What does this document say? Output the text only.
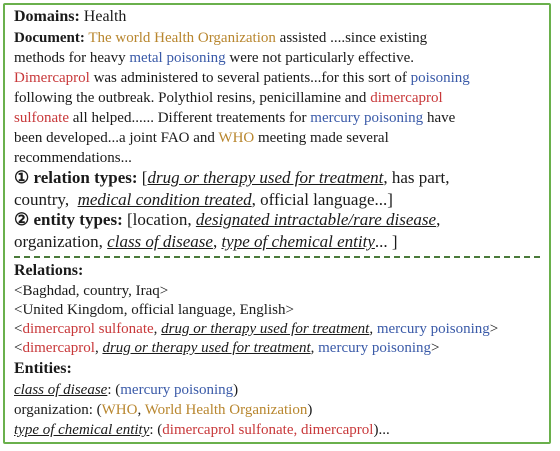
Domains: Health
Document: The world Health Organization assisted ....since existing
methods for heavy metal poisoning were not particularly effective.
Dimercaprol was administered to several patients...for this sort of poisoning
following the outbreak. Polythiol resins, penicillamine and dimercaprol
sulfonate all helped...... Different treatements for mercury poisoning have
been developed...a joint FAO and WHO meeting made several
recommendations...
① relation types: [drug or therapy used for treatment, has part,
country,  medical condition treated, official language...]
② entity types: [location, designated intractable/rare disease,
organization, class of disease, type of chemical entity... ]
Relations:
<Baghdad, country, Iraq>
<United Kingdom, official language, English>
<dimercaprol sulfonate, drug or therapy used for treatment, mercury poisoning>
<dimercaprol, drug or therapy used for treatment, mercury poisoning>
Entities:
class of disease: (mercury poisoning)
organization: (WHO, World Health Organization)
type of chemical entity: (dimercaprol sulfonate, dimercaprol)...
